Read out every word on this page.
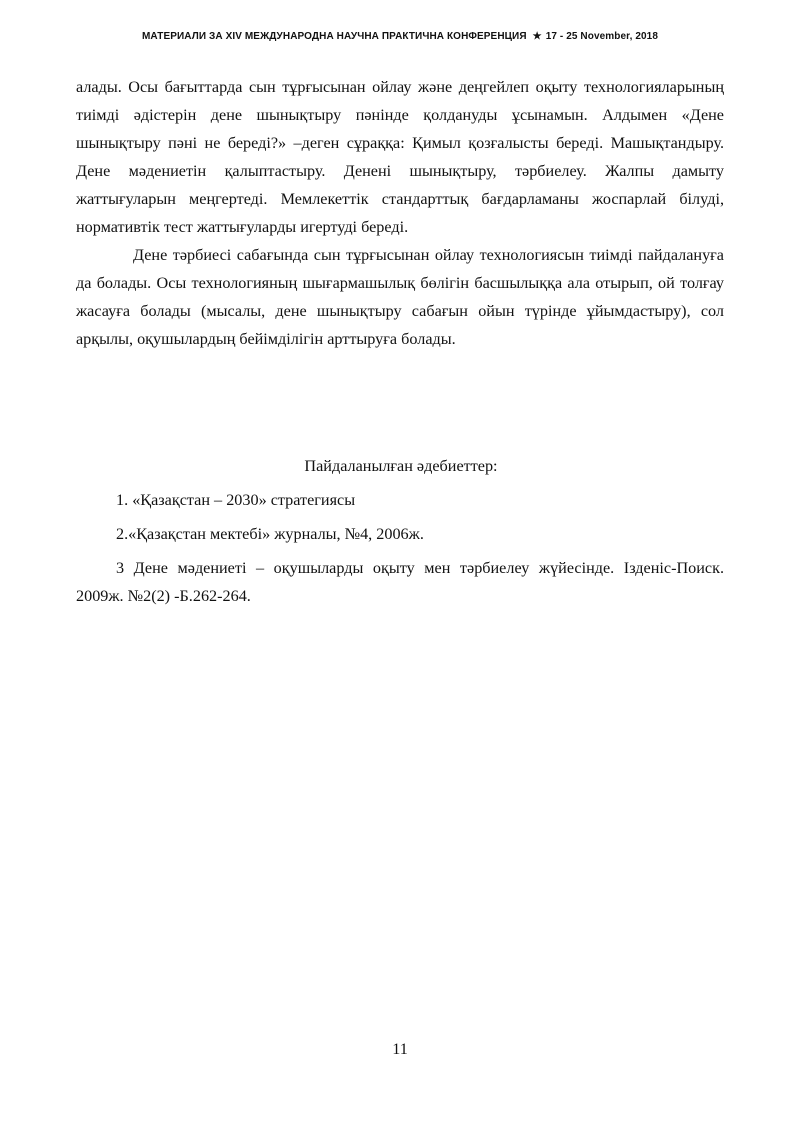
МАТЕРИАЛИ ЗА XIV МЕЖДУНАРОДНА НАУЧНА ПРАКТИЧНА КОНФЕРЕНЦИЯ ★ 17 - 25 November, 2018

алады. Осы бағыттарда сын тұрғысынан ойлау және деңгейлеп оқыту технологияларының тиімді әдістерін дене шынықтыру пәнінде қолдануды ұсынамын. Алдымен «Дене шынықтыру пәні не береді?» –деген сұраққа: Қимыл қозғалысты береді. Машықтандыру. Дене мәдениетін қалыптастыру. Денені шынықтыру, тәрбиелеу. Жалпы дамыту жаттығуларын меңгертеді. Мемлекеттік стандарттық бағдарламаны жоспарлай білуді, нормативтік тест жаттығуларды игертуді береді.

Дене тәрбиесі сабағында сын тұрғысынан ойлау технологиясын тиімді пайдалануға да болады. Осы технологияның шығармашылық бөлігін басшылыққа ала отырып, ой толғау жасауға болады (мысалы, дене шынықтыру сабағын ойын түрінде ұйымдастыру), сол арқылы, оқушылардың бейімділігін арттыруға болады.

Пайдаланылған әдебиеттер:

1. «Қазақстан – 2030» стратегиясы

2.«Қазақстан мектебі» журналы, №4, 2006ж.

3 Дене мәдениеті – оқушыларды оқыту мен тәрбиелеу жүйесінде. Ізденіс-Поиск. 2009ж. №2(2) -Б.262-264.

11
